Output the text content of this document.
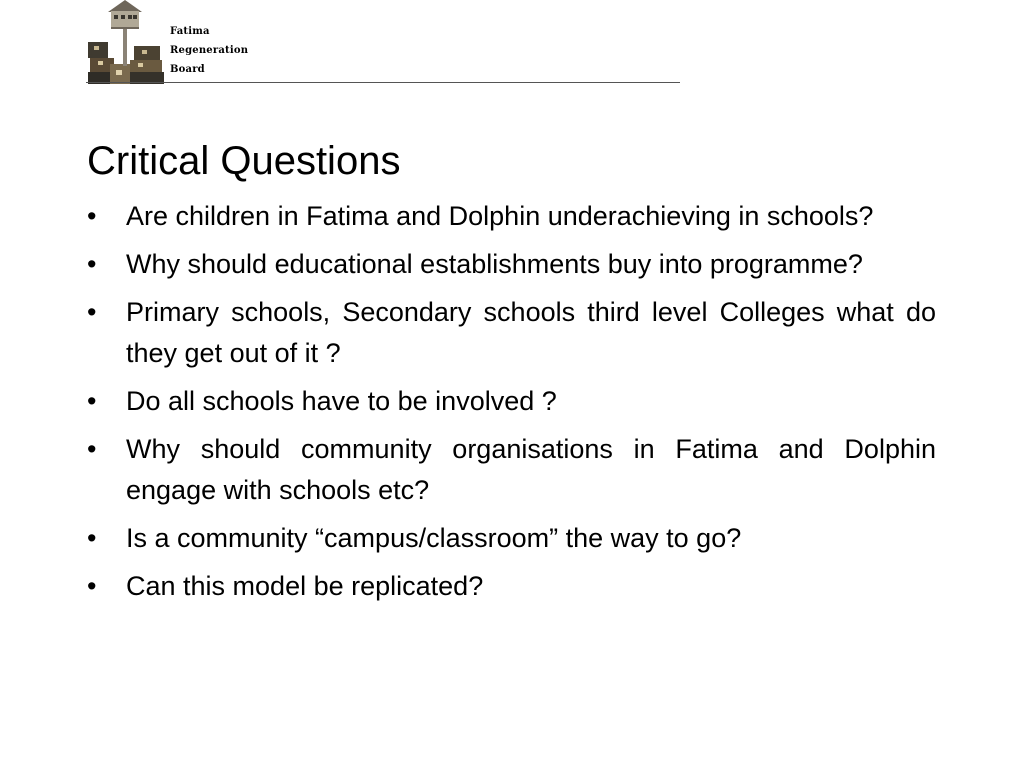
Fatima
Regeneration
Board
Critical Questions
• Are children in Fatima and Dolphin underachieving in schools?
• Why should educational establishments buy into programme?
• Primary schools, Secondary schools third level Colleges what do they get out of it ?
• Do all schools have to be involved ?
• Why should community organisations in Fatima and Dolphin engage with schools etc?
• Is a community “campus/classroom” the way to go?
• Can this model be replicated?
